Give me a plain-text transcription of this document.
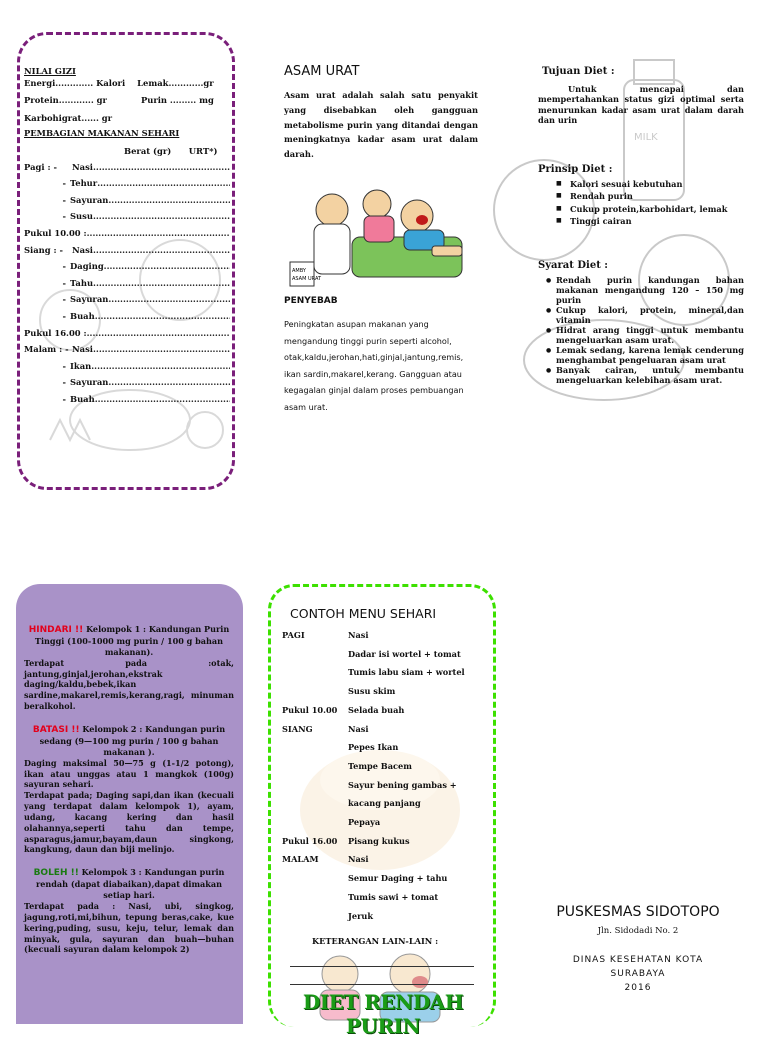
NILAI GIZI
Energi............. Kalori Lemak............gr
Protein............ gr	Purin ......... mg
Karbohigrat...... gr
PEMBAGIAN MAKANAN SEHARI
Berat (gr)      URT*)
Pagi : -	Nasi
.....
- Tehur
.....
- Sayuran
.....
- Susu
.....
Pukul 10.00 :
.....
Siang : -	Nasi
.....
- Daging
.....
- Tahu
.....
- Sayuran
.....
- Buah
.....
Pukul 16.00 :
.....
Malam : - Nasi
.....
- Ikan
.....
- Sayuran
.....
- Buah
.....
ASAM URAT
Asam urat adalah salah satu penyakit yang disebabkan oleh gangguan metabolisme purin yang ditandai dengan meningkatnya kadar asam urat dalam darah.
AMBY
ASAM URAT
PENYEBAB
Peningkatan asupan makanan yang mengandung tinggi purin seperti alcohol, otak,kaldu,jerohan,hati,ginjal,jantung,remis, ikan sardin,makarel,kerang. Gangguan atau kegagalan ginjal dalam proses pembuangan asam urat.
MILK
Tujuan Diet :
Untuk mencapai dan mempertahankan status gizi optimal serta menurunkan kadar asam urat dalam darah dan urin
Prinsip Diet :
■ Kalori sesuai kebutuhan
■ Rendah purin
■ Cukup protein,karbohidart, lemak
■ Tinggi cairan
Syarat Diet :
● Rendah purin kandungan bahan makanan mengandung 120 – 150 mg purin
● Cukup kalori, protein, mineral,dan vitamin
● Hidrat arang tinggi untuk membantu mengeluarkan asam urat.
● Lemak sedang, karena lemak cenderung menghambat pengeluaran asam urat
● Banyak cairan, untuk membantu mengeluarkan kelebihan asam urat.
HINDARI !! Kelompok 1 : Kandungan Purin Tinggi (100-1000 mg purin / 100 g bahan makanan).
Terdapat pada :otak, jantung,ginjal,jerohan,ekstrak daging/kaldu,bebek,ikan sardine,makarel,remis,kerang,ragi, minuman beralkohol.
BATASI !! Kelompok 2 : Kandungan purin sedang (9—100 mg purin / 100 g bahan makanan ).
Daging maksimal 50—75 g (1-1/2 potong), ikan atau unggas atau 1 mangkok (100g) sayuran sehari.
Terdapat pada; Daging sapi,dan ikan (kecuali yang terdapat dalam kelompok 1), ayam, udang, kacang kering dan hasil olahannya,seperti tahu dan tempe, asparagus,jamur,bayam,daun singkong, kangkung, daun dan biji melinjo.
BOLEH !! Kelompok 3 : Kandungan purin rendah (dapat diabaikan),dapat dimakan setiap hari.
Terdapat pada : Nasi, ubi, singkog, jagung,roti,mi,bihun, tepung beras,cake, kue kering,puding, susu, keju, telur, lemak dan minyak, gula, sayuran dan buah—buhan (kecuali sayuran dalam kelompok 2)
CONTOH MENU SEHARI
PAGI	Nasi
Dadar isi wortel + tomat
Tumis labu siam + wortel
Susu skim
Pukul 10.00 Selada buah
SIANG	Nasi
Pepes Ikan
Tempe Bacem
Sayur bening gambas +
kacang panjang
Pepaya
Pukul 16.00 Pisang kukus
MALAM	Nasi
Semur Daging + tahu
Tumis sawi + tomat
Jeruk
KETERANGAN LAIN-LAIN :
DIET RENDAH PURIN
PUSKESMAS SIDOTOPO
Jln. Sidodadi No. 2
DINAS KESEHATAN KOTA
SURABAYA
2016
